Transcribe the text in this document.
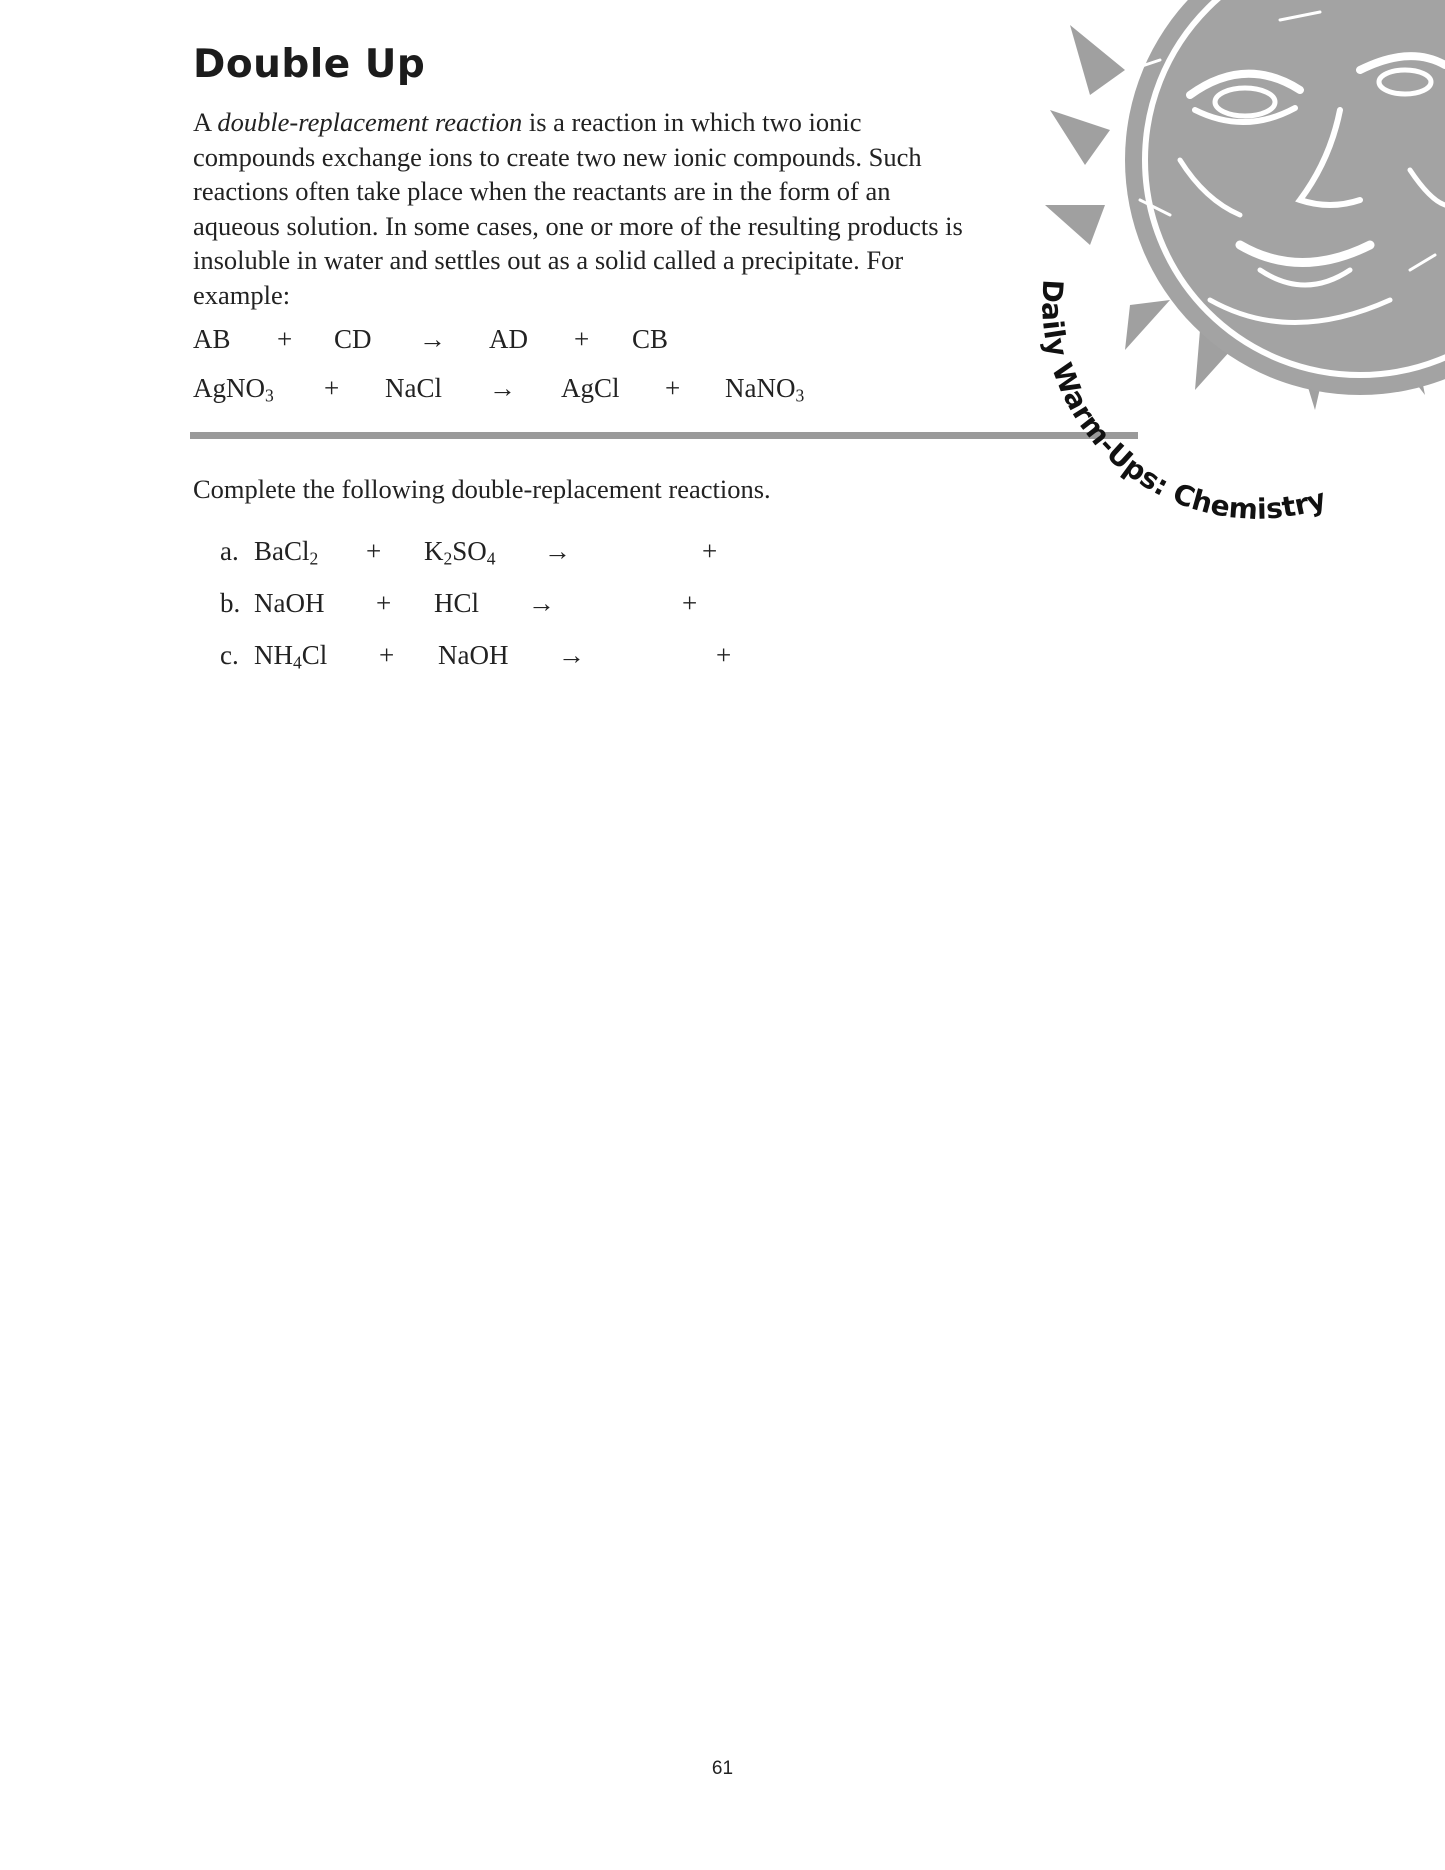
Double Up

A double-replacement reaction is a reaction in which two ionic compounds exchange ions to create two new ionic compounds. Such reactions often take place when the reactants are in the form of an aqueous solution. In some cases, one or more of the resulting products is insoluble in water and settles out as a solid called a precipitate. For example:

AB + CD → AD + CB
AgNO$_3$ + NaCl → AgCl + NaNO$_3$
Complete the following double-replacement reactions.
a. BaCl$_2$ + $K_2SO_4$ →	+
b. NaOH + HCl →	+
c. $NH_4Cl$ + NaOH →	+
Daily Warm-Ups: Chemistry
61
